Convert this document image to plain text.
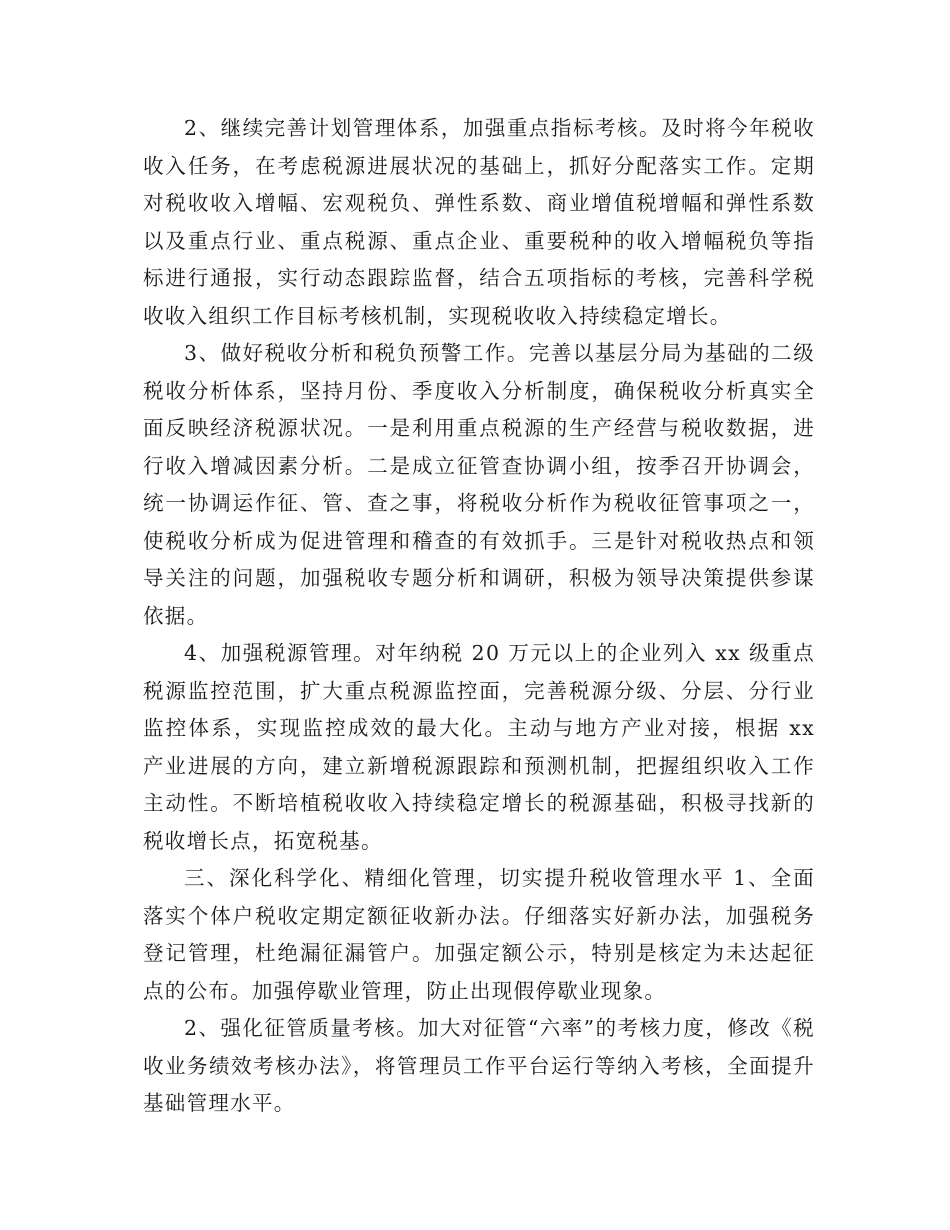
2、继续完善计划管理体系，加强重点指标考核。及时将今年税收收入任务，在考虑税源进展状况的基础上，抓好分配落实工作。定期对税收收入增幅、宏观税负、弹性系数、商业增值税增幅和弹性系数以及重点行业、重点税源、重点企业、重要税种的收入增幅税负等指标进行通报，实行动态跟踪监督，结合五项指标的考核，完善科学税收收入组织工作目标考核机制，实现税收收入持续稳定增长。

3、做好税收分析和税负预警工作。完善以基层分局为基础的二级税收分析体系，坚持月份、季度收入分析制度，确保税收分析真实全面反映经济税源状况。一是利用重点税源的生产经营与税收数据，进行收入增减因素分析。二是成立征管查协调小组，按季召开协调会，统一协调运作征、管、查之事，将税收分析作为税收征管事项之一，使税收分析成为促进管理和稽查的有效抓手。三是针对税收热点和领导关注的问题，加强税收专题分析和调研，积极为领导决策提供参谋依据。

4、加强税源管理。对年纳税 20 万元以上的企业列入 xx 级重点税源监控范围，扩大重点税源监控面，完善税源分级、分层、分行业监控体系，实现监控成效的最大化。主动与地方产业对接，根据 xx 产业进展的方向，建立新增税源跟踪和预测机制，把握组织收入工作主动性。不断培植税收收入持续稳定增长的税源基础，积极寻找新的税收增长点，拓宽税基。

三、深化科学化、精细化管理，切实提升税收管理水平 1、全面落实个体户税收定期定额征收新办法。仔细落实好新办法，加强税务登记管理，杜绝漏征漏管户。加强定额公示，特别是核定为未达起征点的公布。加强停歇业管理，防止出现假停歇业现象。

2、强化征管质量考核。加大对征管“六率”的考核力度，修改《税收业务绩效考核办法》，将管理员工作平台运行等纳入考核，全面提升基础管理水平。
